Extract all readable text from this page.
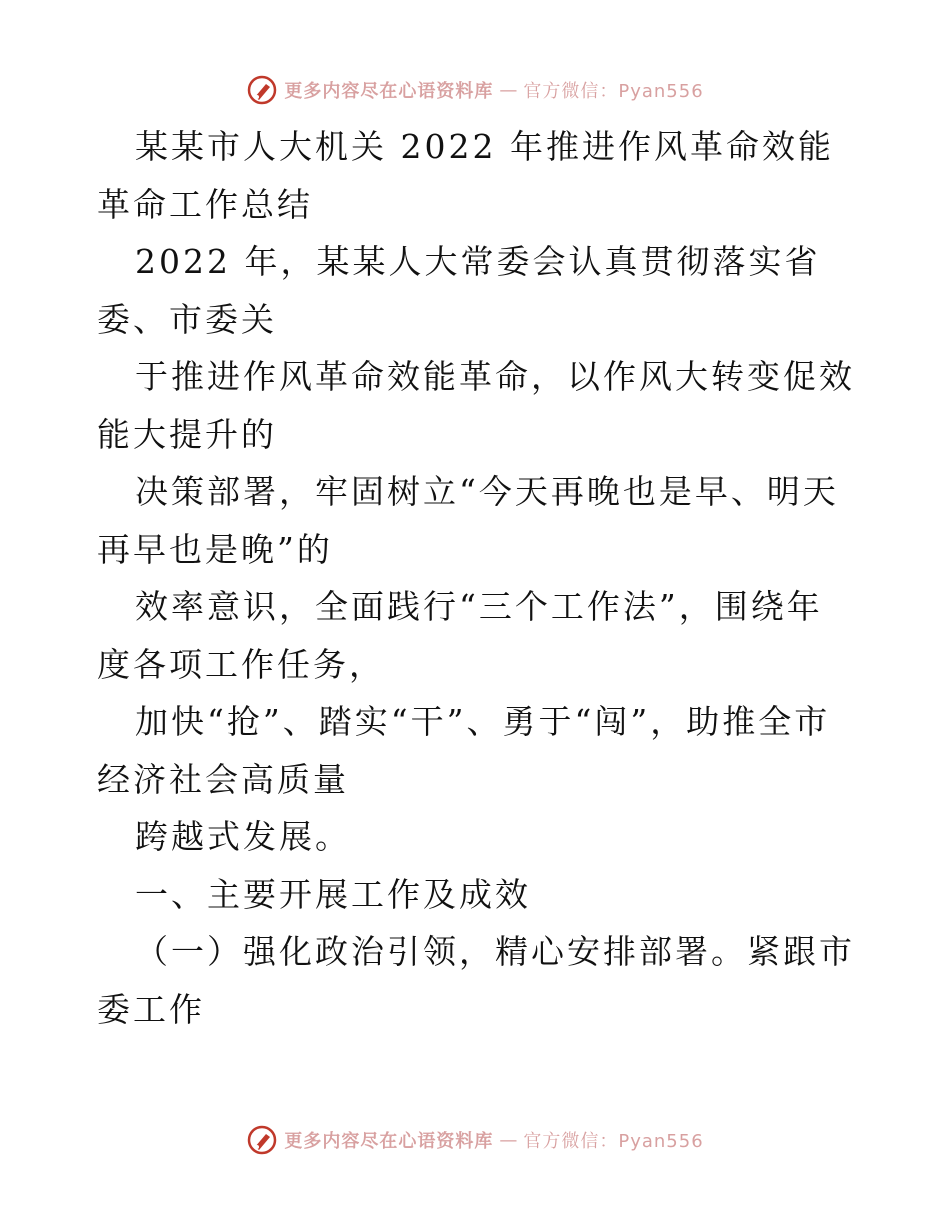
更多内容尽在心语资料库 — 官方微信：Pyan556

某某市人大机关 2022 年推进作风革命效能革命工作总结

2022 年，某某人大常委会认真贯彻落实省委、市委关

于推进作风革命效能革命，以作风大转变促效能大提升的

决策部署，牢固树立“今天再晚也是早、明天再早也是晚”的

效率意识，全面践行“三个工作法”，围绕年度各项工作任务，

加快“抢”、踏实“干”、勇于“闯”，助推全市经济社会高质量

跨越式发展。

一、主要开展工作及成效

（一）强化政治引领，精心安排部署。紧跟市委工作

更多内容尽在心语资料库 — 官方微信：Pyan556
